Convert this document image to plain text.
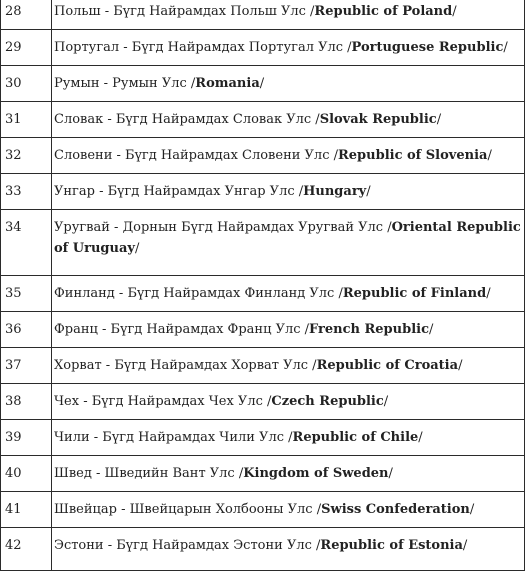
28	Польш - Бүгд Найрамдах Польш Улс /Republic of Poland/
29	Португал - Бүгд Найрамдах Португал Улс /Portuguese Republic/
30	Румын - Румын Улс /Romania/
31	Словак - Бүгд Найрамдах Словак Улс /Slovak Republic/
32	Словени - Бүгд Найрамдах Словени Улс /Republic of Slovenia/
33	Унгар - Бүгд Найрамдах Унгар Улс /Hungary/
34	Уругвай - Дорнын Бүгд Найрамдах Уругвай Улс /Oriental Republic of Uruguay/
35	Финланд - Бүгд Найрамдах Финланд Улс /Republic of Finland/
36	Франц - Бүгд Найрамдах Франц Улс /French Republic/
37	Хорват - Бүгд Найрамдах Хорват Улс /Republic of Croatia/
38	Чех - Бүгд Найрамдах Чех Улс /Czech Republic/
39	Чили - Бүгд Найрамдах Чили Улс /Republic of Chile/
40	Швед - Шведийн Вант Улс /Kingdom of Sweden/
41	Швейцар - Швейцарын Холбооны Улс /Swiss Confederation/
42	Эстони - Бүгд Найрамдах Эстони Улс /Republic of Estonia/
